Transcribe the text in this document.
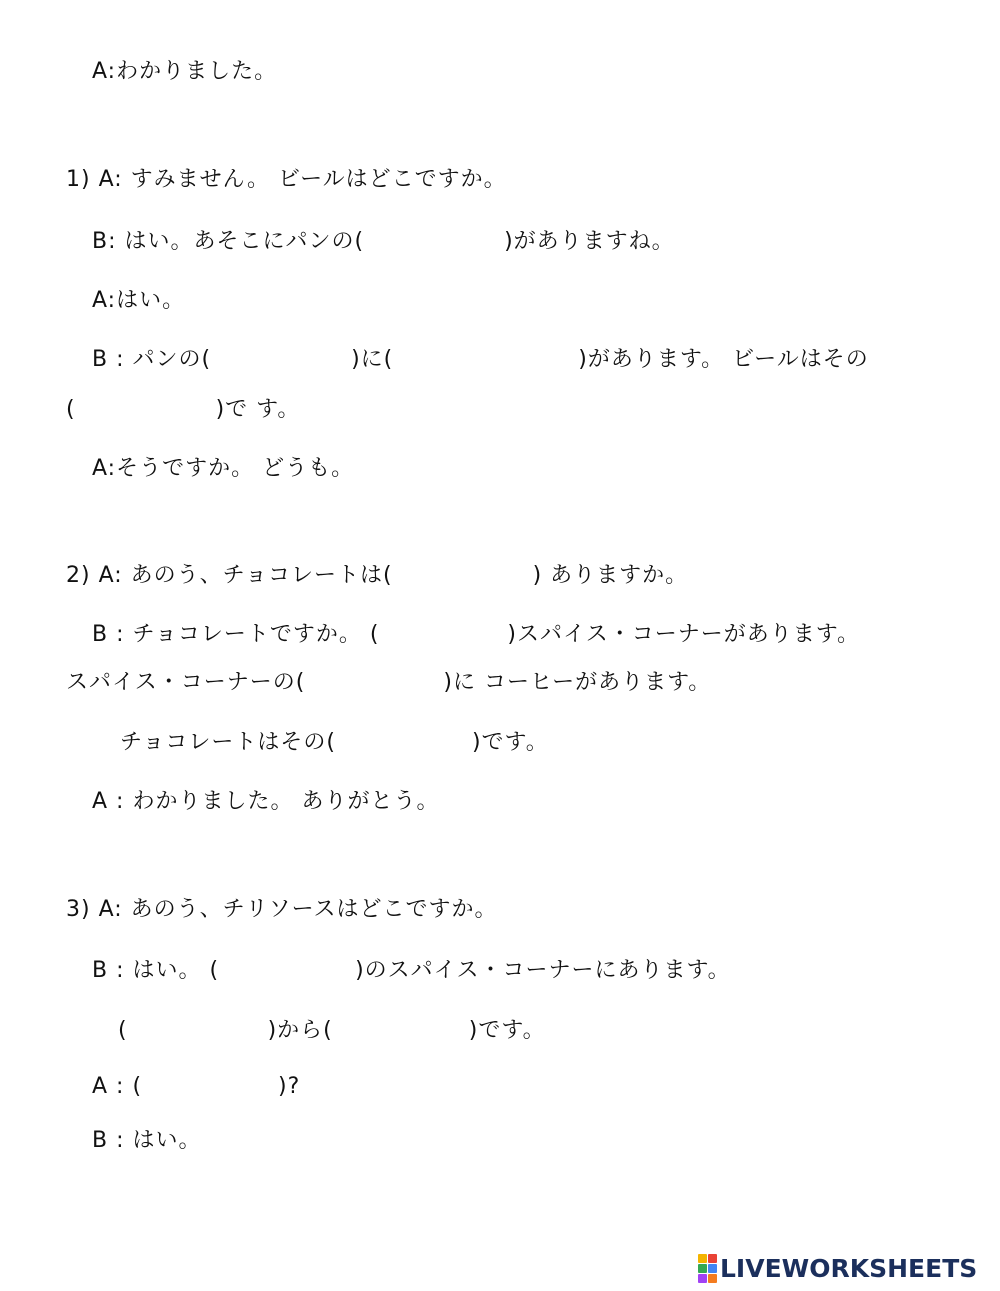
A:わかりました。
1) A: すみません。 ビールはどこですか。
B: はい。あそこにパンの(	)がありますね。
A:はい。
B : パンの(	)に(	)があります。 ビールはその
(	)で す。
A:そうですか。 どうも。
2) A: あのう、チョコレートは(	) ありますか。
B : チョコレートですか。 (	)スパイス・コーナーがあります。
スパイス・コーナーの(	)に コーヒーがあります。
チョコレートはその(	)です。
A : わかりました。 ありがとう。
3) A: あのう、チリソースはどこですか。
B : はい。 (	)のスパイス・コーナーにあります。
(	)から(	)です。
A : (	)?
B : はい。
LIVEWORKSHEETS
